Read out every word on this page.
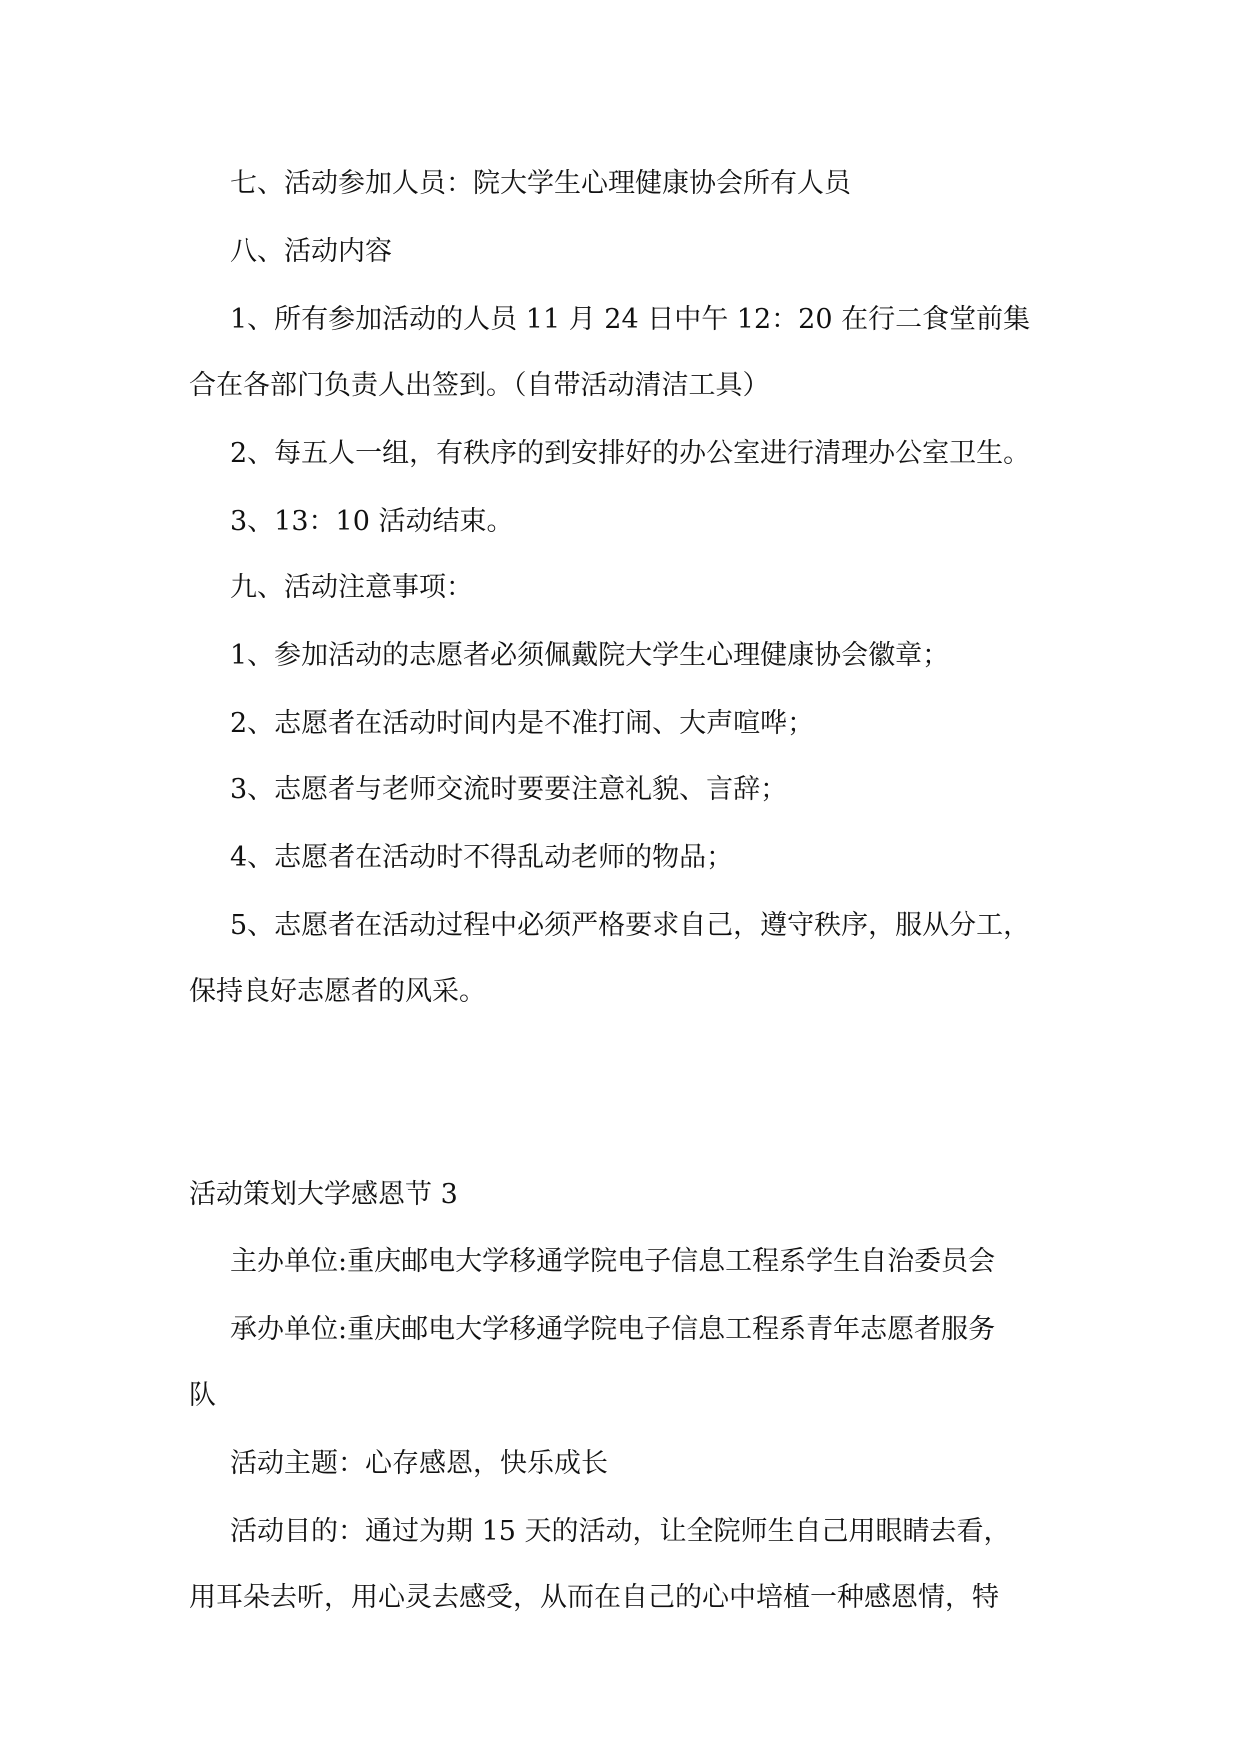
七、活动参加人员：院大学生心理健康协会所有人员

八、活动内容

1、所有参加活动的人员 11 月 24 日中午 12：20 在行二食堂前集

合在各部门负责人出签到。（自带活动清洁工具）

2、每五人一组，有秩序的到安排好的办公室进行清理办公室卫生。

3、13：10 活动结束。

九、活动注意事项：

1、参加活动的志愿者必须佩戴院大学生心理健康协会徽章；

2、志愿者在活动时间内是不准打闹、大声喧哗；

3、志愿者与老师交流时要要注意礼貌、言辞；

4、志愿者在活动时不得乱动老师的物品；

5、志愿者在活动过程中必须严格要求自己，遵守秩序，服从分工，

保持良好志愿者的风采。

活动策划大学感恩节 3

主办单位:重庆邮电大学移通学院电子信息工程系学生自治委员会

承办单位:重庆邮电大学移通学院电子信息工程系青年志愿者服务

队

活动主题：心存感恩，快乐成长

活动目的：通过为期 15 天的活动，让全院师生自己用眼睛去看，

用耳朵去听，用心灵去感受，从而在自己的心中培植一种感恩情，特
